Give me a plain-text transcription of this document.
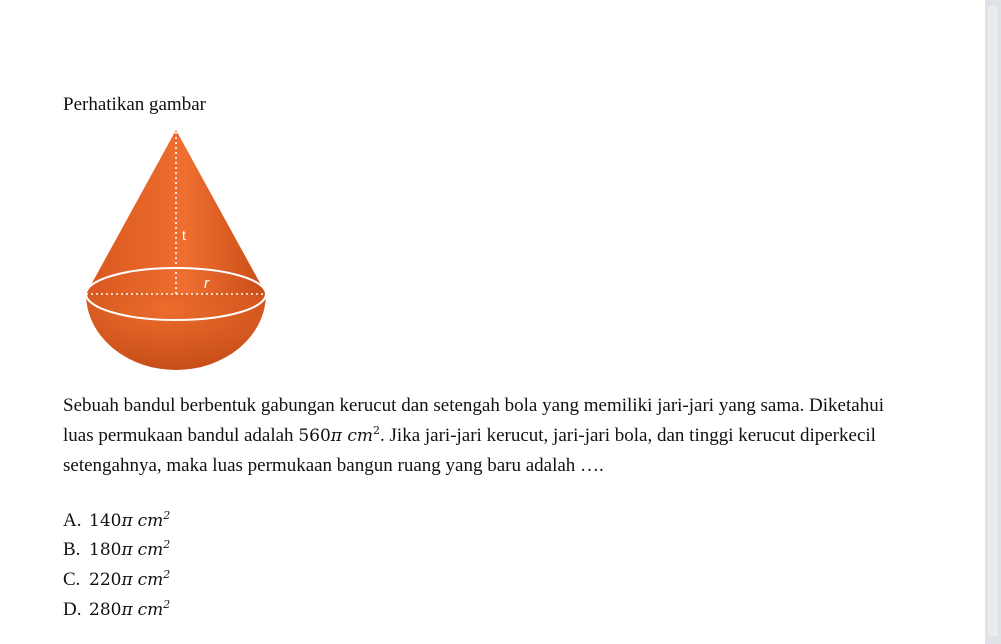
Perhatikan gambar
t
r
Sebuah bandul berbentuk gabungan kerucut dan setengah bola yang memiliki jari-jari yang sama. Diketahui luas permukaan bandul adalah 560π $cm^2$. Jika jari-jari kerucut, jari-jari bola, dan tinggi kerucut diperkecil setengahnya, maka luas permukaan bangun ruang yang baru adalah ….
A. 140π $cm^2$
B. 180π $cm^2$
C. 220π $cm^2$
D. 280π $cm^2$
